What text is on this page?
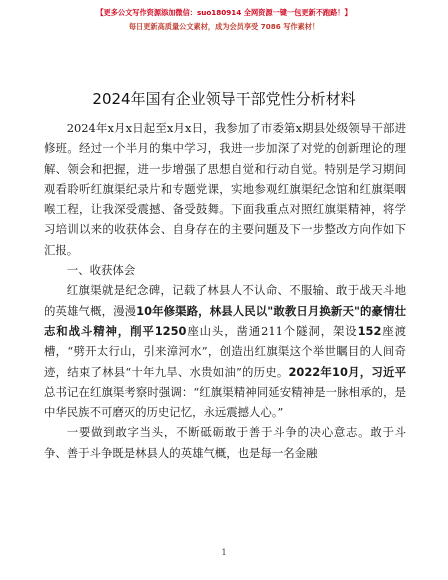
【更多公文写作资源添加微信：suo180914 全网资源一键一包更新不跑路！】
每日更新高质量公文素材，成为会员享受 7086 写作素材！
2024年国有企业领导干部党性分析材料

2024年x月x日起至x月x日，我参加了市委第x期县处级领导干部进修班。经过一个半月的集中学习，我进一步加深了对党的创新理论的理解、领会和把握，进一步增强了思想自觉和行动自觉。特别是学习期间观看聆听红旗渠纪录片和专题党课，实地参观红旗渠纪念馆和红旗渠咽喉工程，让我深受震撼、备受鼓舞。下面我重点对照红旗渠精神，将学习培训以来的收获体会、自身存在的主要问题及下一步整改方向作如下汇报。

一、收获体会

红旗渠就是纪念碑，记载了林县人不认命、不服输、敢于战天斗地的英雄气概，漫漫10年修渠路，林县人民以"敢教日月换新天"的豪情壮志和战斗精神，削平1250座山头，凿通211个隧洞，架设152座渡槽，“劈开太行山，引来漳河水”，创造出红旗渠这个举世瞩目的人间奇迹，结束了林县“十年九旱、水贵如油”的历史。2022年10月，习近平总书记在红旗渠考察时强调：“红旗渠精神同延安精神是一脉相承的，是中华民族不可磨灭的历史记忆，永远震撼人心。”

一要做到敢字当头，不断砥砺敢于善于斗争的决心意志。敢于斗争、善于斗争既是林县人的英雄气概，也是每一名金融

1
